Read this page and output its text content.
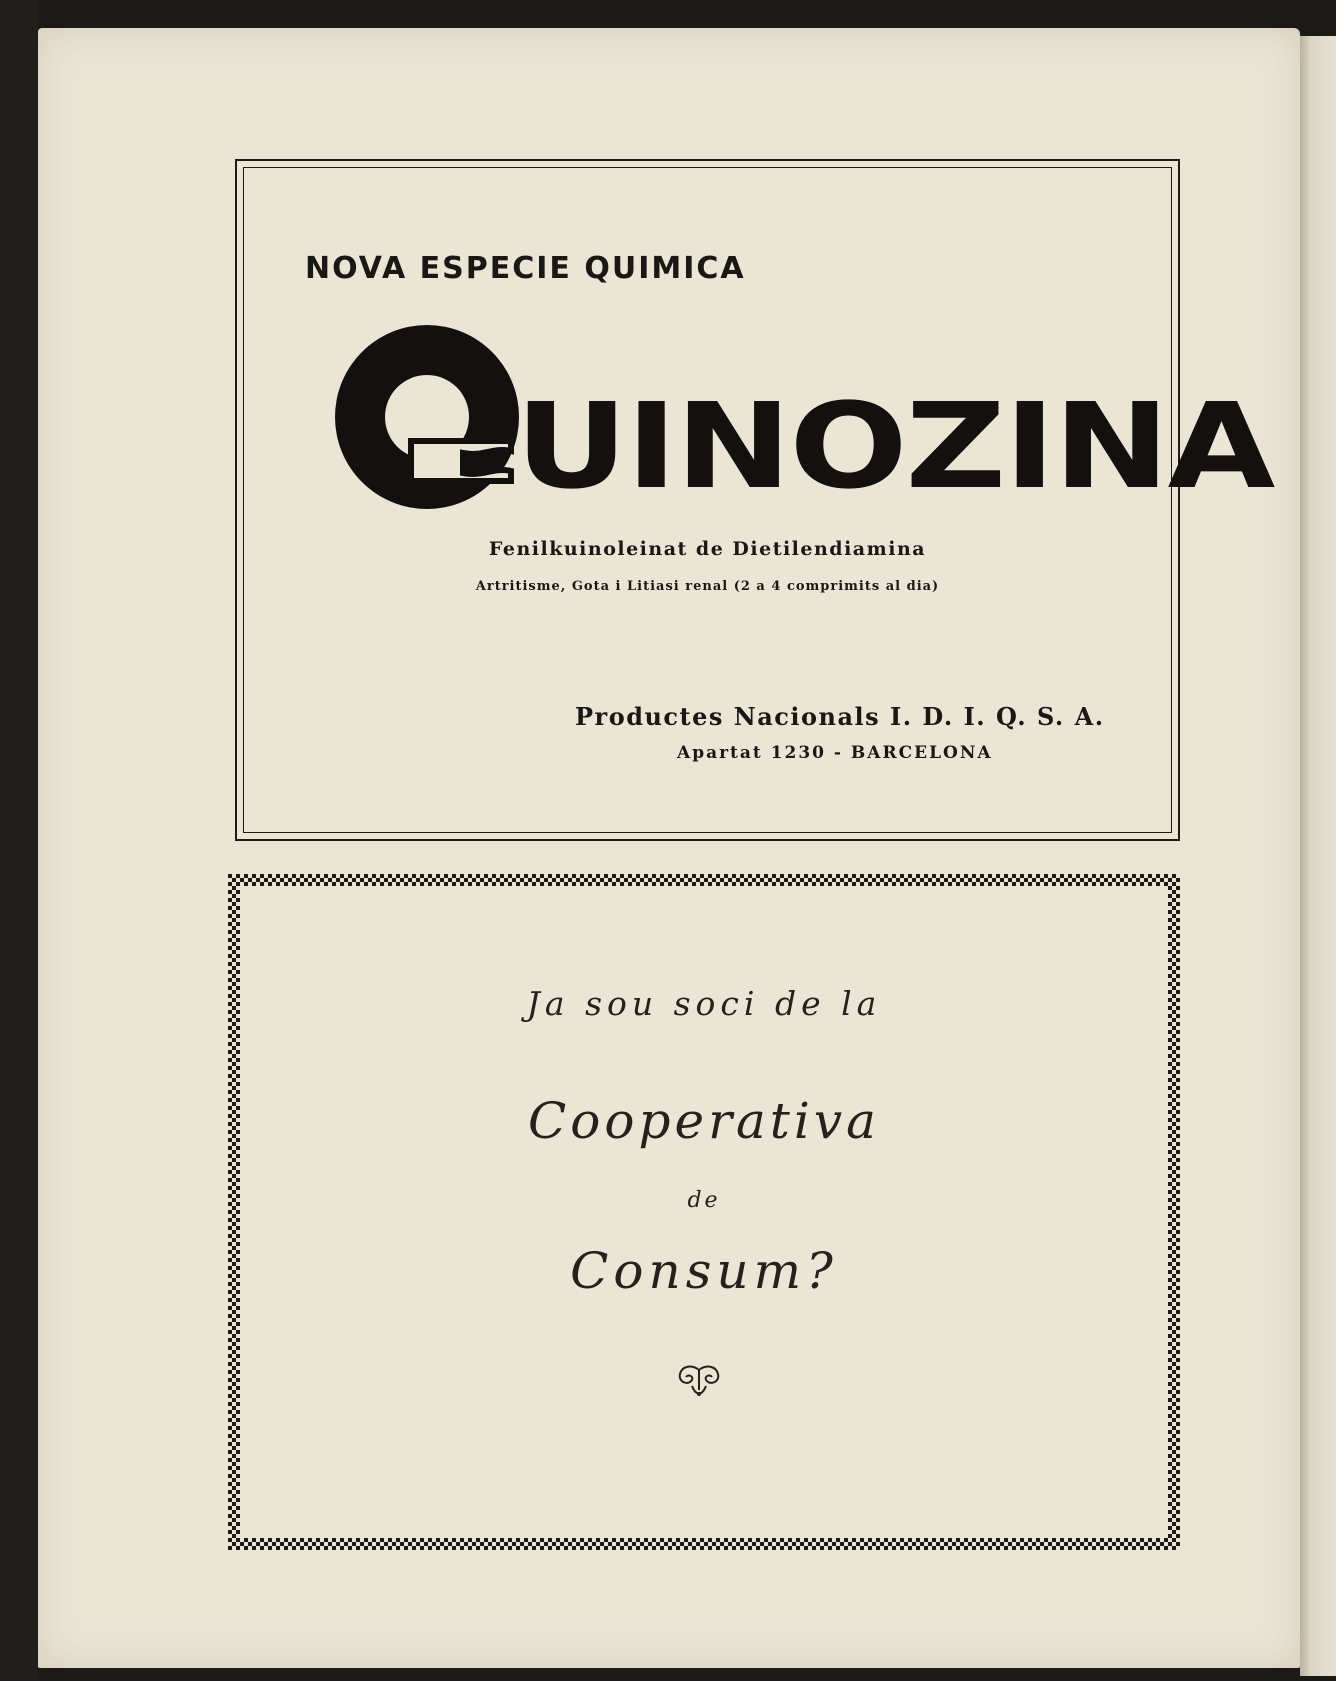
NOVA ESPECIE QUIMICA
Q
UINOZINA
Fenilkuinoleinat de Dietilendiamina
Artritisme, Gota i Litiasi renal (2 a 4 comprimits al dia)
Productes Nacionals I. D. I. Q. S. A.
Apartat 1230 - BARCELONA
Ja sou soci de la
Cooperativa
de
Consum?
